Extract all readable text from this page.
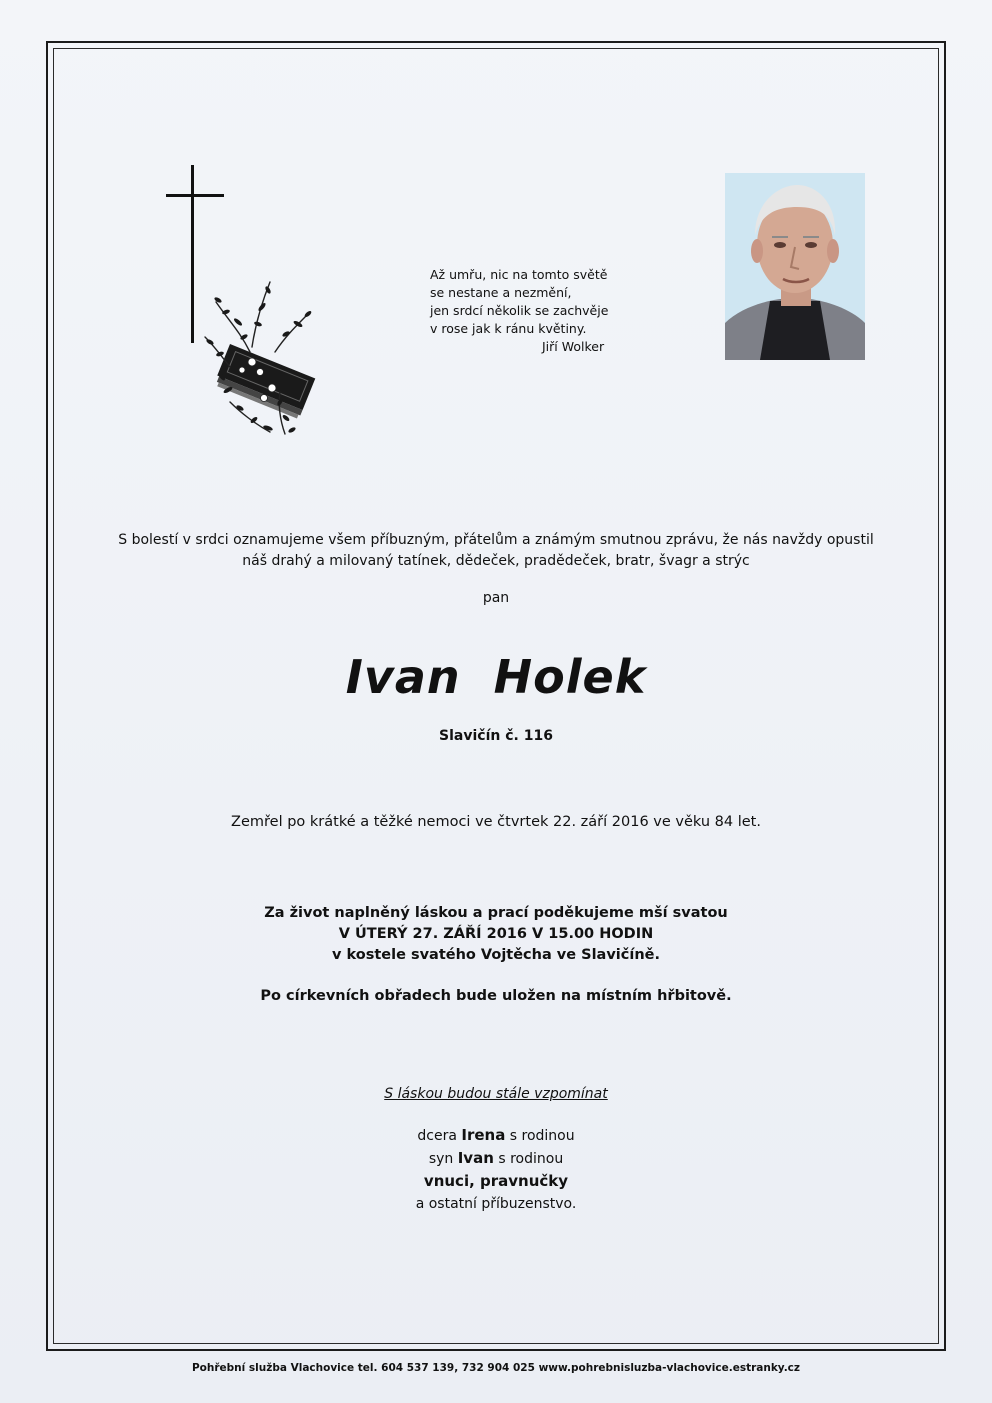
Až umřu, nic na tomto světě
se nestane a nezmění,
jen srdcí několik se zachvěje
v rose jak k ránu květiny.
Jiří Wolker
S bolestí v srdci oznamujeme všem příbuzným, přátelům a známým smutnou zprávu, že nás navždy opustil
náš drahý a milovaný tatínek, dědeček, pradědeček, bratr, švagr a strýc
pan
Ivan Holek
Slavičín č. 116
Zemřel po krátké a těžké nemoci ve čtvrtek 22. září 2016 ve věku 84 let.
Za život naplněný láskou a prací poděkujeme mší svatou
V ÚTERÝ 27. ZÁŘÍ 2016 V 15.00 HODIN
v kostele svatého Vojtěcha ve Slavičíně.
Po církevních obřadech bude uložen na místním hřbitově.
S láskou budou stále vzpomínat
dcera Irena s rodinou
syn Ivan s rodinou
vnuci, pravnučky
a ostatní příbuzenstvo.
Pohřební služba Vlachovice tel. 604 537 139, 732 904 025 www.pohrebnisluzba-vlachovice.estranky.cz
